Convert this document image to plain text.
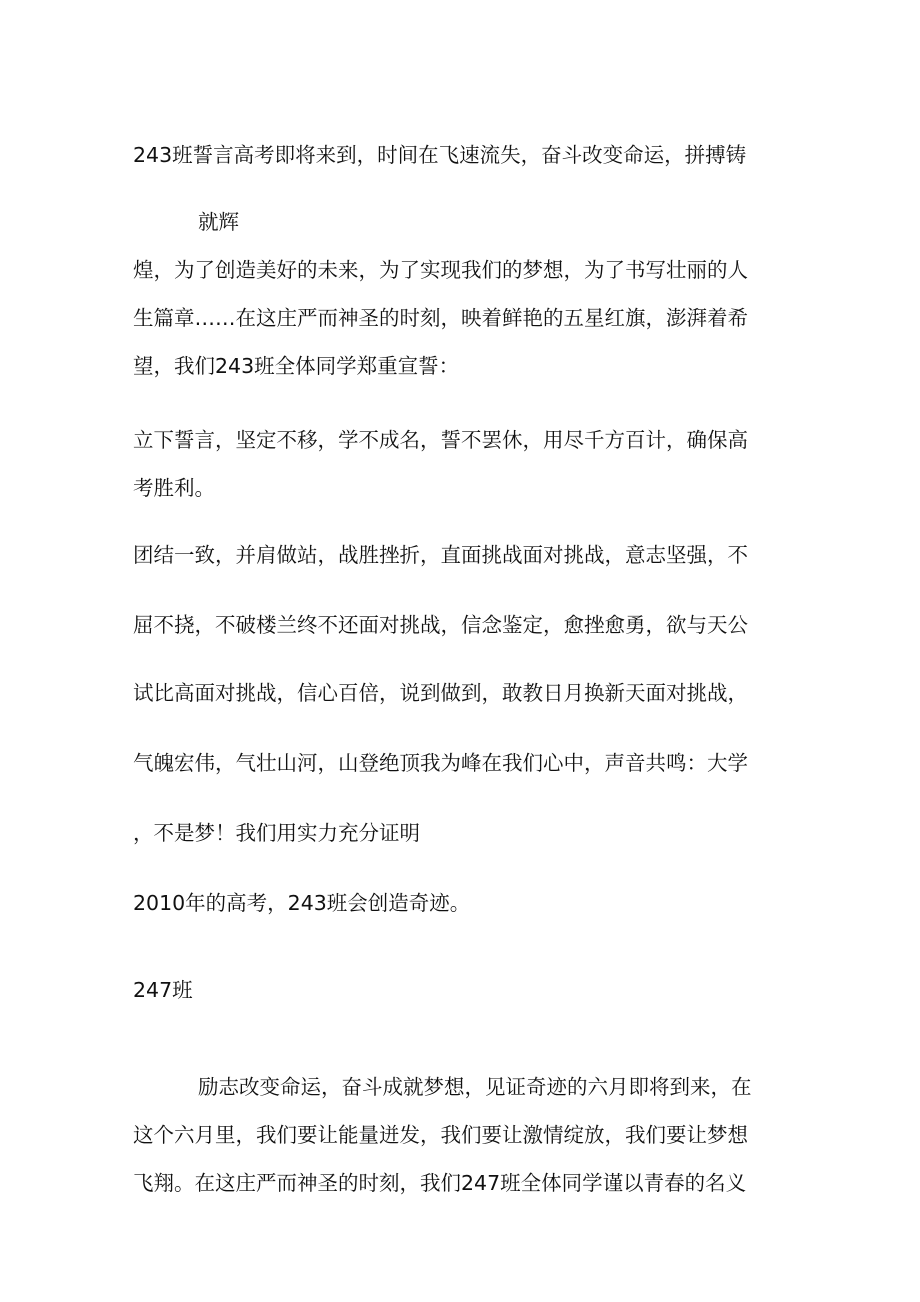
243班誓言高考即将来到，时间在飞速流失，奋斗改变命运，拼搏铸
就辉
煌，为了创造美好的未来，为了实现我们的梦想，为了书写壮丽的人
生篇章……在这庄严而神圣的时刻，映着鲜艳的五星红旗，澎湃着希
望，我们243班全体同学郑重宣誓：
立下誓言，坚定不移，学不成名，誓不罢休，用尽千方百计，确保高
考胜利。
团结一致，并肩做站，战胜挫折，直面挑战面对挑战，意志坚强，不
屈不挠，不破楼兰终不还面对挑战，信念鉴定，愈挫愈勇，欲与天公
试比高面对挑战，信心百倍，说到做到，敢教日月换新天面对挑战，
气魄宏伟，气壮山河，山登绝顶我为峰在我们心中，声音共鸣：大学
，不是梦！我们用实力充分证明
2010年的高考，243班会创造奇迹。
247班
励志改变命运，奋斗成就梦想，见证奇迹的六月即将到来，在
这个六月里，我们要让能量迸发，我们要让激情绽放，我们要让梦想
飞翔。在这庄严而神圣的时刻，我们247班全体同学谨以青春的名义
